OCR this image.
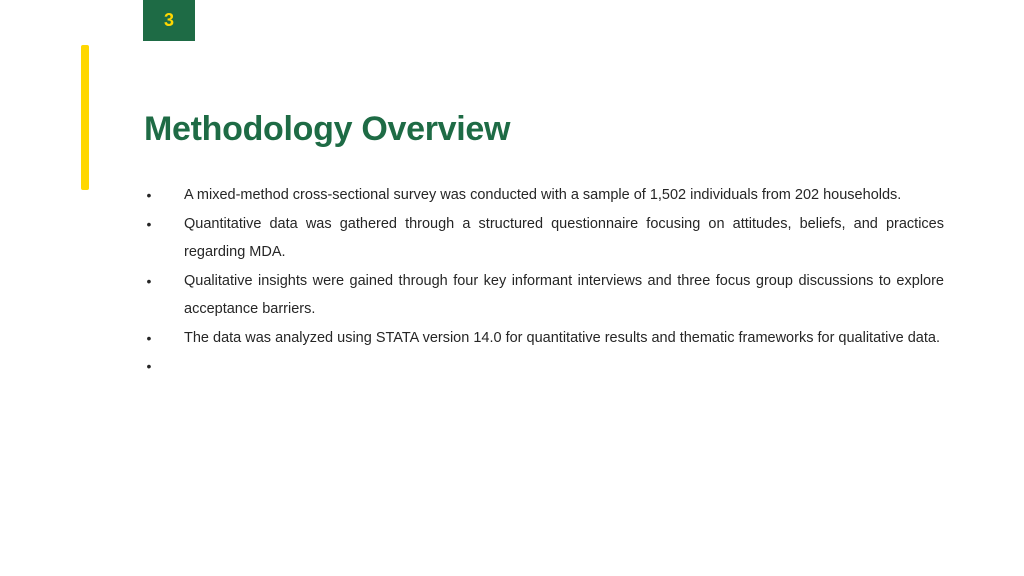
3
Methodology Overview
• A mixed-method cross-sectional survey was conducted with a sample of 1,502 individuals from 202 households.
• Quantitative data was gathered through a structured questionnaire focusing on attitudes, beliefs, and practices regarding MDA.
• Qualitative insights were gained through four key informant interviews and three focus group discussions to explore acceptance barriers.
• The data was analyzed using STATA version 14.0 for quantitative results and thematic frameworks for qualitative data.
•
